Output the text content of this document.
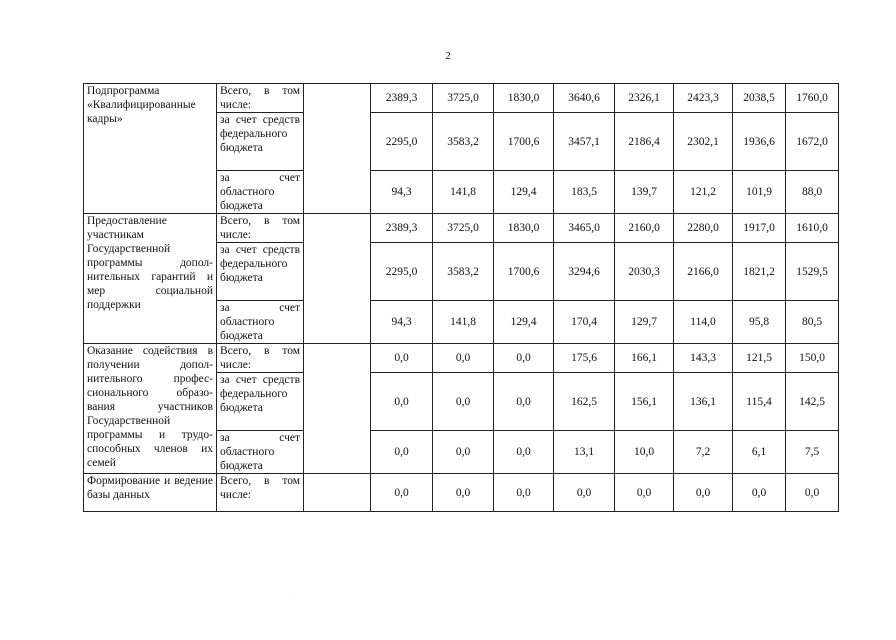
2
Подпрограмма «Квалифицированные кадры»	Всего, в том числе:		2389,3	3725,0	1830,0	3640,6	2326,1	2423,3	2038,5	1760,0
	за счет средств федерального бюджета		2295,0	3583,2	1700,6	3457,1	2186,4	2302,1	1936,6	1672,0
	за счет областного бюджета		94,3	141,8	129,4	183,5	139,7	121,2	101,9	88,0
Предоставление участникам Государственной программы допол-нительных гарантий и мер социальной поддержки	Всего, в том числе:		2389,3	3725,0	1830,0	3465,0	2160,0	2280,0	1917,0	1610,0
	за счет средств федерального бюджета		2295,0	3583,2	1700,6	3294,6	2030,3	2166,0	1821,2	1529,5
	за счет областного бюджета		94,3	141,8	129,4	170,4	129,7	114,0	95,8	80,5
Оказание содействия в получении допол-нительного профес-сионального образо-вания участников Государственной программы и трудо-способных членов их семей	Всего, в том числе:		0,0	0,0	0,0	175,6	166,1	143,3	121,5	150,0
	за счет средств федерального бюджета		0,0	0,0	0,0	162,5	156,1	136,1	115,4	142,5
	за счет областного бюджета		0,0	0,0	0,0	13,1	10,0	7,2	6,1	7,5
Формирование и ведение базы данных	Всего, в том числе:		0,0	0,0	0,0	0,0	0,0	0,0	0,0	0,0
·
